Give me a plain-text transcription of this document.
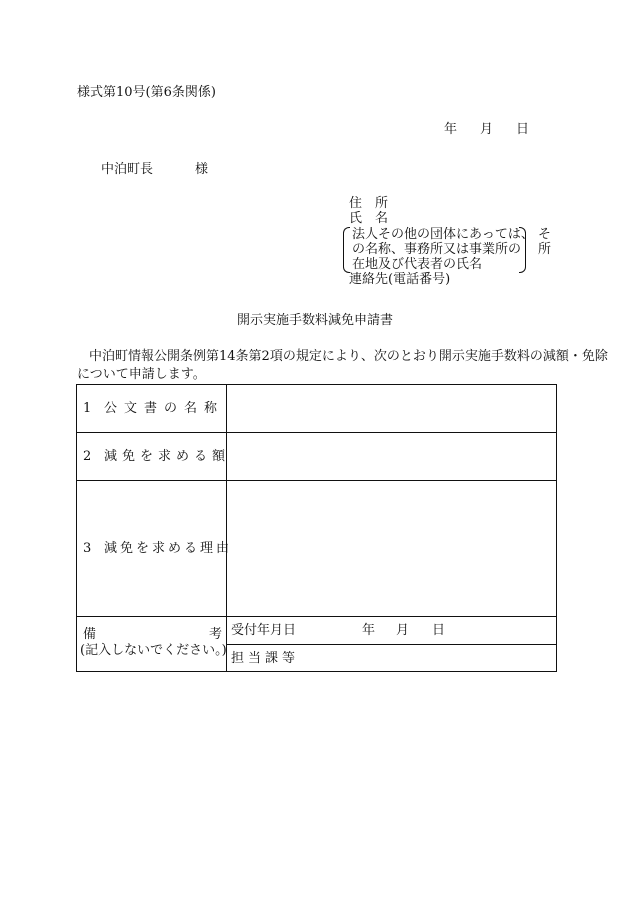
様式第10号(第6条関係)
年 月 日
中泊町長	様
住　所
氏　名
法人その他の団体にあっては、
の名称、事務所又は事業所の
在地及び代表者の氏名
そ
所
連絡先(電話番号)
開示実施手数料減免申請書
中泊町情報公開条例第14条第2項の規定により、次のとおり開示実施手数料の減額・免除
について申請します。
1 公文書の名称
2 減免を求める額
3 減免を求める理由
備	考
(記入しないでください。)
受付年月日	年 月 日
担当課等
